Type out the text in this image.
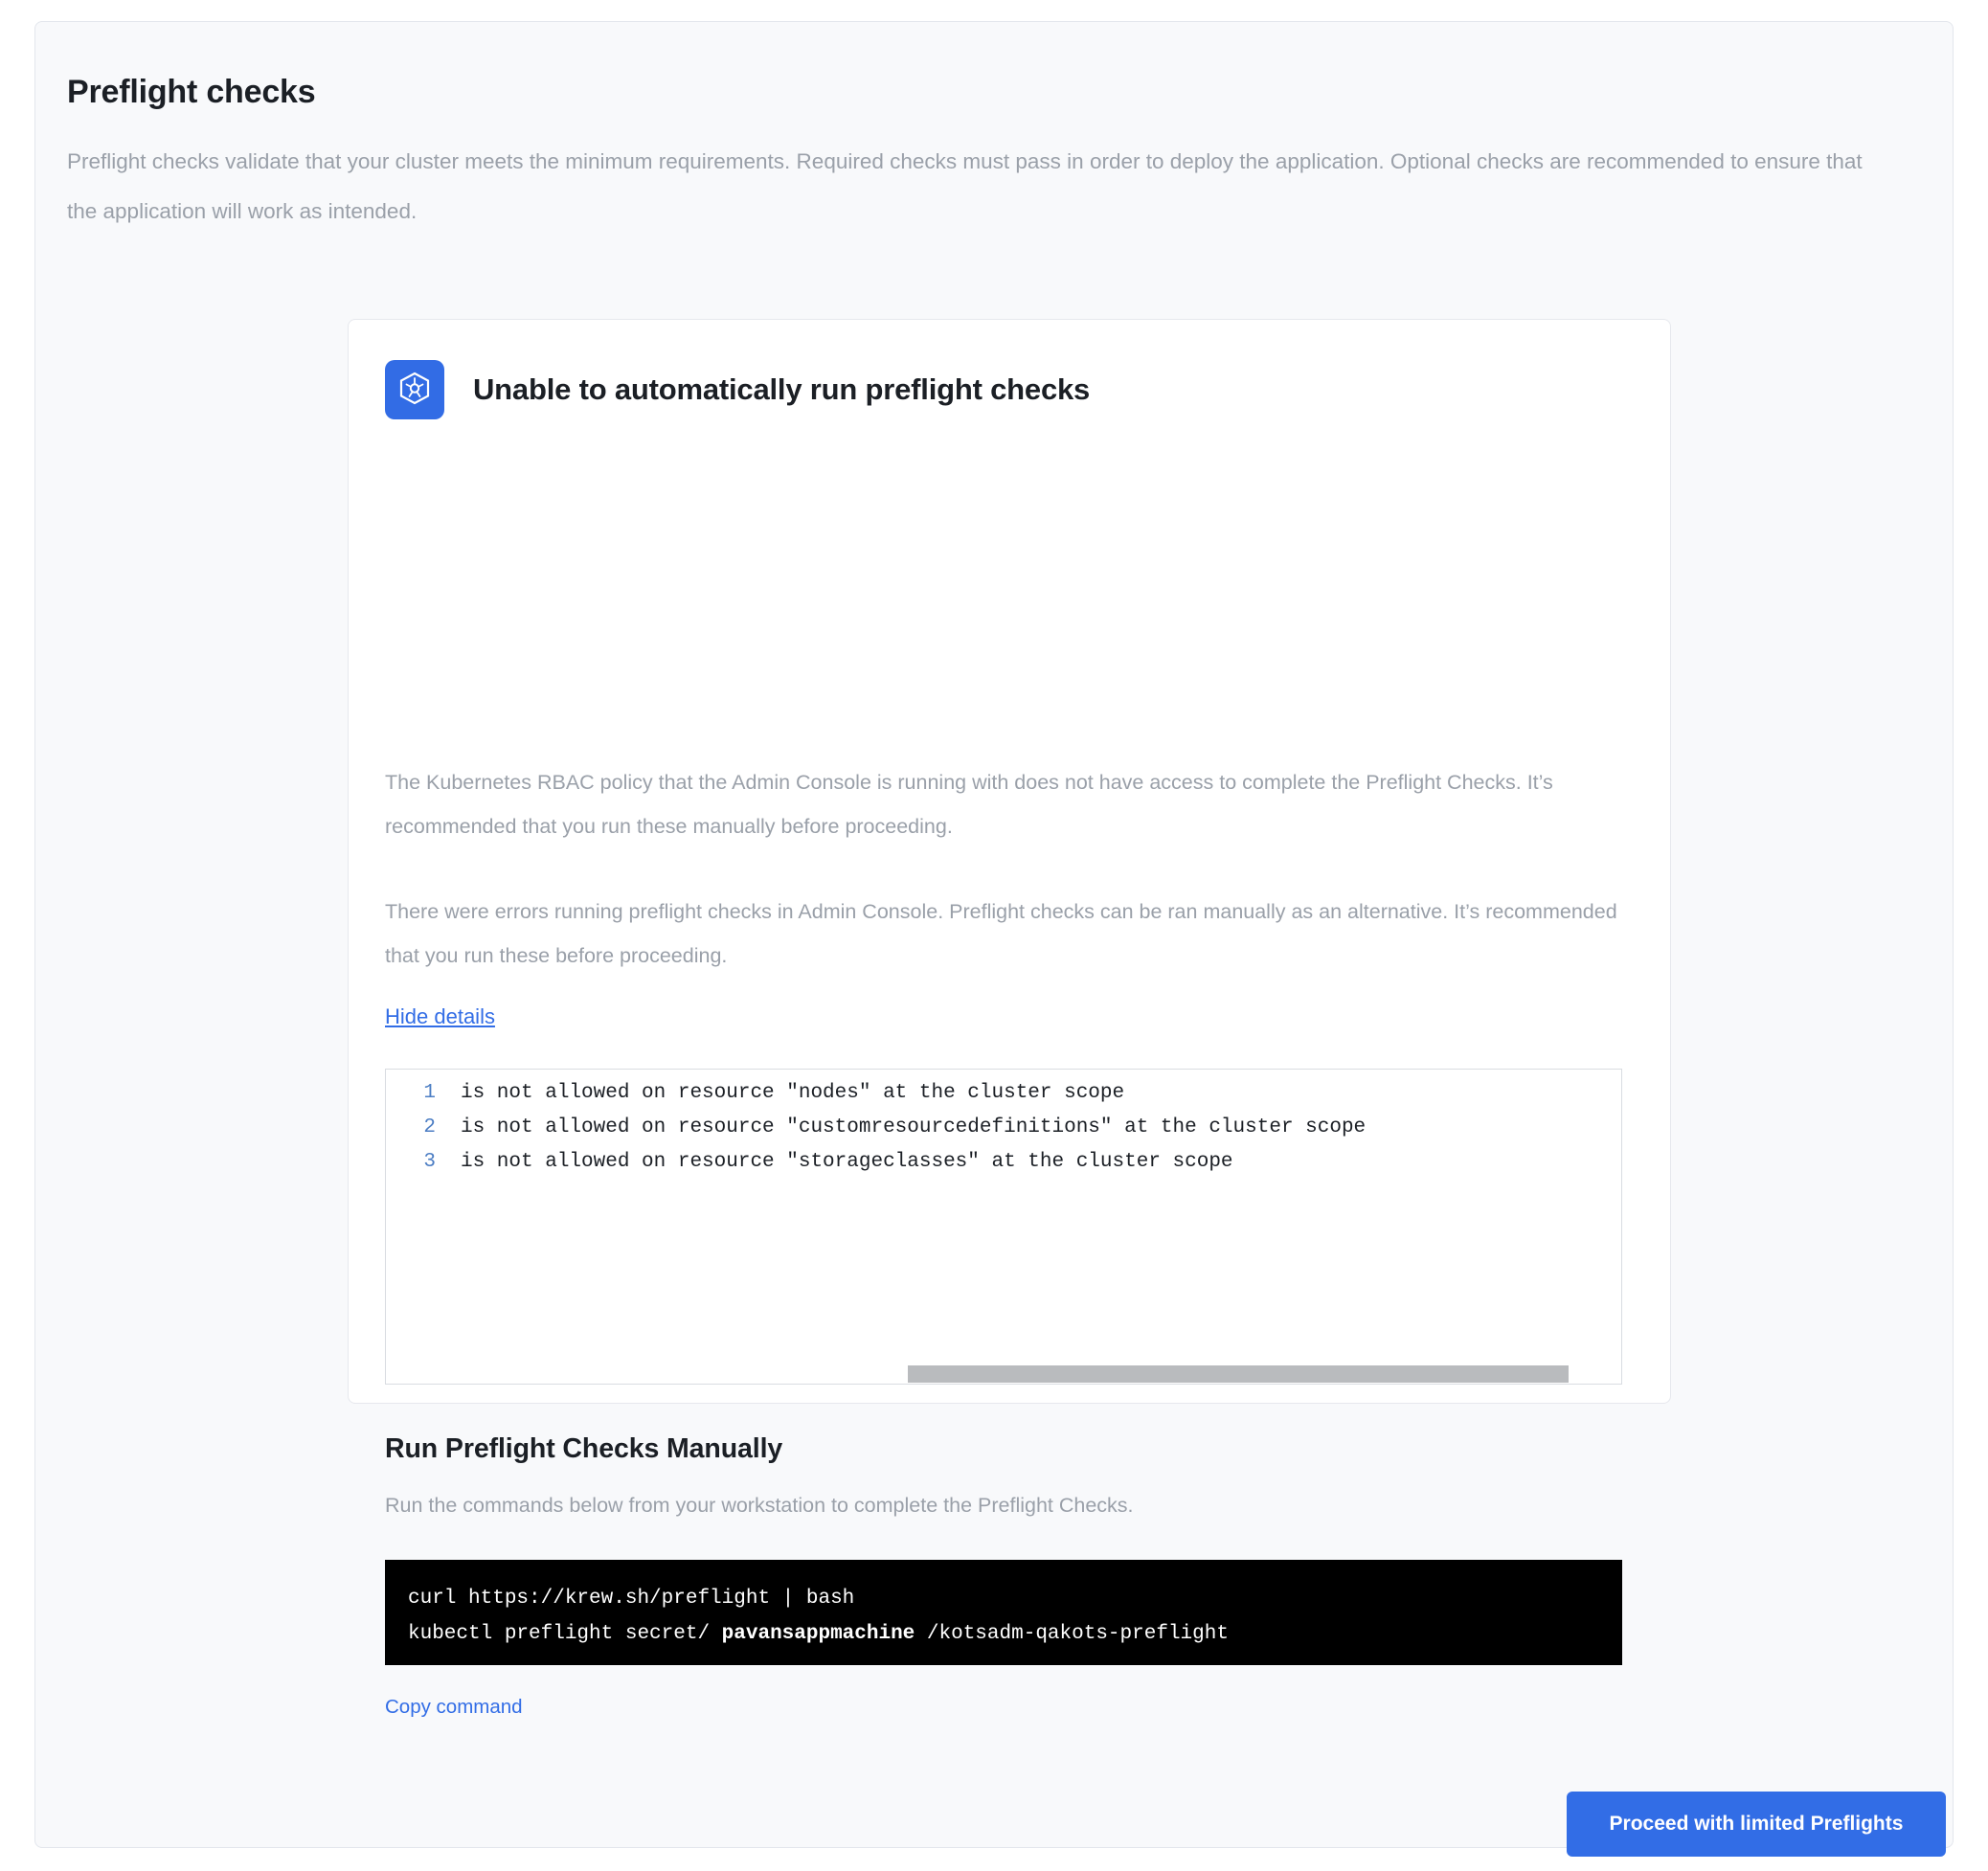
Preflight checks
Preflight checks validate that your cluster meets the minimum requirements. Required checks must pass in order to deploy the application. Optional checks are recommended to ensure that the application will work as intended.
Unable to automatically run preflight checks
The Kubernetes RBAC policy that the Admin Console is running with does not have access to complete the Preflight Checks. It’s recommended that you run these manually before proceeding.
There were errors running preflight checks in Admin Console. Preflight checks can be ran manually as an alternative. It’s recommended that you run these before proceeding.
Hide details
1	is not allowed on resource "nodes" at the cluster scope
2	is not allowed on resource "customresourcedefinitions" at the cluster scope
3	is not allowed on resource "storageclasses" at the cluster scope
Run Preflight Checks Manually
Run the commands below from your workstation to complete the Preflight Checks.
curl https://krew.sh/preflight | bash
kubectl preflight secret/ pavansappmachine /kotsadm-qakots-preflight
Copy command
Proceed with limited Preflights
